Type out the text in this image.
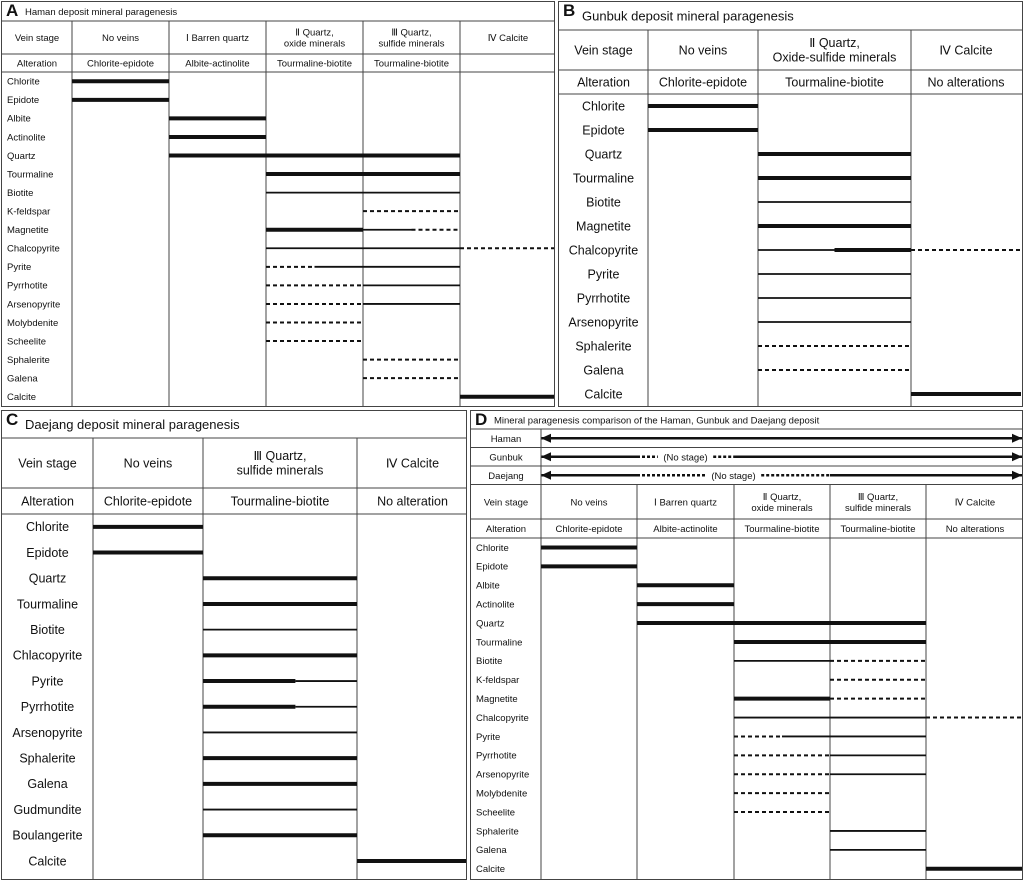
A Haman deposit mineral paragenesis
Vein stage
Alteration
No veins
Chlorite-epidote
Ⅰ Barren quartz
Albite-actinolite
Ⅱ Quartz,
oxide minerals
Tourmaline-biotite
Ⅲ Quartz,
sulfide minerals
Tourmaline-biotite
Ⅳ Calcite
Chlorite
Epidote
Albite
Actinolite
Quartz
Tourmaline
Biotite
K-feldspar
Magnetite
Chalcopyrite
Pyrite
Pyrrhotite
Arsenopyrite
Molybdenite
Scheelite
Sphalerite
Galena
Calcite
B Gunbuk deposit mineral paragenesis
Vein stage
Alteration
No veins
Chlorite-epidote
Ⅱ Quartz,
Oxide-sulfide minerals
Tourmaline-biotite
Ⅳ Calcite
No alterations
Chlorite
Epidote
Quartz
Tourmaline
Biotite
Magnetite
Chalcopyrite
Pyrite
Pyrrhotite
Arsenopyrite
Sphalerite
Galena
Calcite
C Daejang deposit mineral paragenesis
Vein stage
Alteration
No veins
Chlorite-epidote
Ⅲ Quartz,
sulfide minerals
Tourmaline-biotite
Ⅳ Calcite
No alteration
Chlorite
Epidote
Quartz
Tourmaline
Biotite
Chlacopyrite
Pyrite
Pyrrhotite
Arsenopyrite
Sphalerite
Galena
Gudmundite
Boulangerite
Calcite
D Mineral paragenesis comparison of the Haman, Gunbuk and Daejang deposit
Haman
Gunbuk	(No stage)
Daejang	(No stage)
Vein stage
Alteration
No veins
Chlorite-epidote
Ⅰ Barren quartz
Albite-actinolite
Ⅱ Quartz,
oxide minerals
Tourmaline-biotite
Ⅲ Quartz,
sulfide minerals
Tourmaline-biotite
Ⅳ Calcite
No alterations
Chlorite
Epidote
Albite
Actinolite
Quartz
Tourmaline
Biotite
K-feldspar
Magnetite
Chalcopyrite
Pyrite
Pyrrhotite
Arsenopyrite
Molybdenite
Scheelite
Sphalerite
Galena
Calcite
